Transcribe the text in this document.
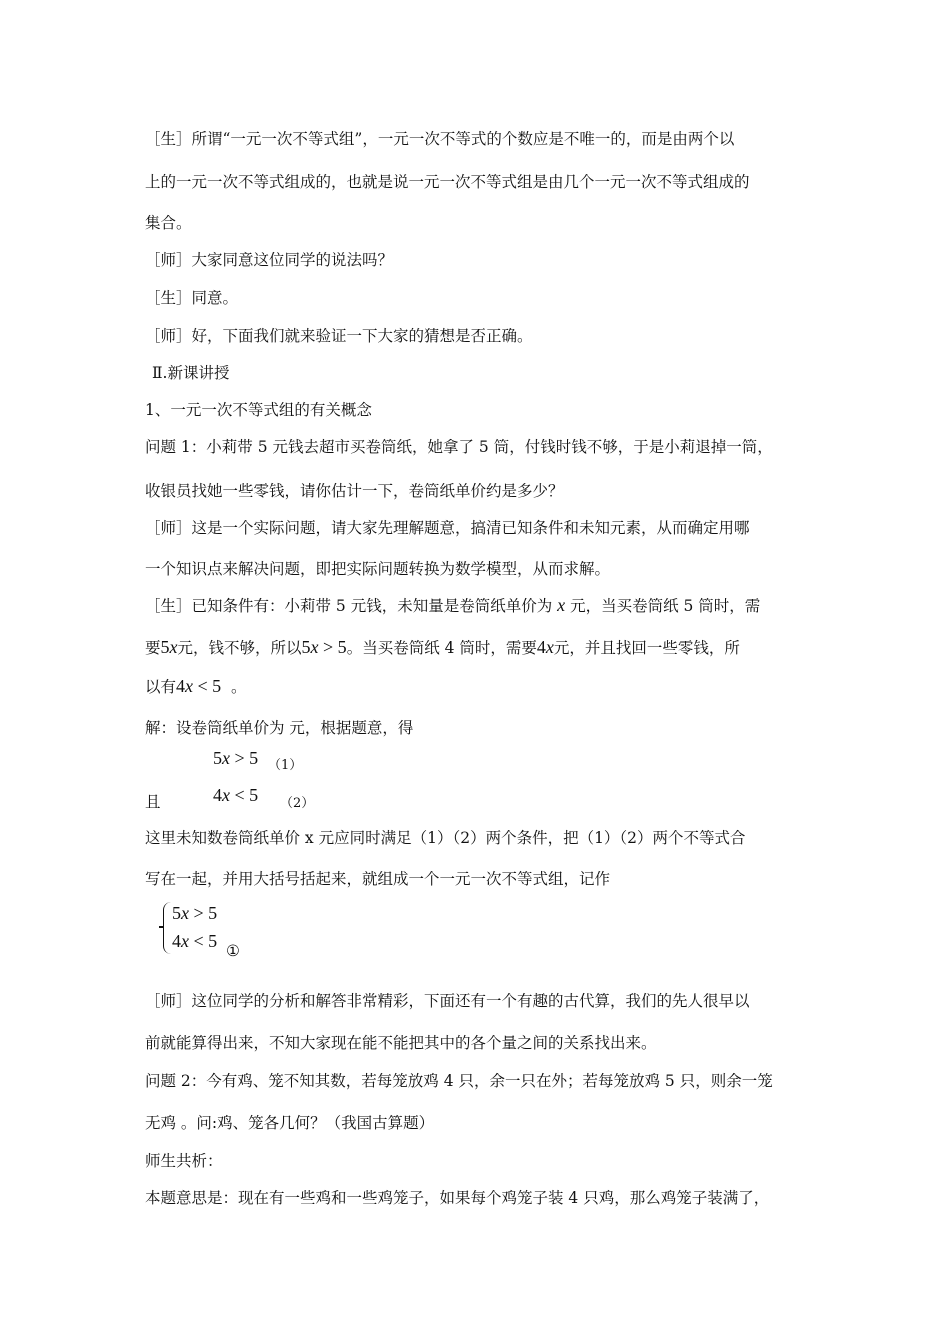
［生］所谓“一元一次不等式组”，一元一次不等式的个数应是不唯一的，而是由两个以
上的一元一次不等式组成的，也就是说一元一次不等式组是由几个一元一次不等式组成的
集合。
［师］大家同意这位同学的说法吗？
［生］同意。
［师］好，下面我们就来验证一下大家的猜想是否正确。
Ⅱ.新课讲授
1、一元一次不等式组的有关概念
问题 1：小莉带 5 元钱去超市买卷筒纸，她拿了 5 筒，付钱时钱不够，于是小莉退掉一筒，
收银员找她一些零钱，请你估计一下，卷筒纸单价约是多少？
［师］这是一个实际问题，请大家先理解题意，搞清已知条件和未知元素，从而确定用哪
一个知识点来解决问题，即把实际问题转换为数学模型，从而求解。
［生］已知条件有：小莉带 5 元钱，未知量是卷筒纸单价为 x 元，当买卷筒纸 5 筒时，需
要5x元，钱不够，所以5x > 5。当买卷筒纸 4 筒时，需要4x元，并且找回一些零钱，所
以有4x < 5 。
解：设卷筒纸单价为 元，根据题意，得
5x > 5 （1）
且	4x < 5 （2）
这里未知数卷筒纸单价 x 元应同时满足（1）（2）两个条件，把（1）（2）两个不等式合
写在一起，并用大括号括起来，就组成一个一元一次不等式组，记作
5x > 5
4x < 5 ①
［师］这位同学的分析和解答非常精彩，下面还有一个有趣的古代算，我们的先人很早以
前就能算得出来，不知大家现在能不能把其中的各个量之间的关系找出来。
问题 2：今有鸡、笼不知其数，若每笼放鸡 4 只，余一只在外；若每笼放鸡 5 只，则余一笼
无鸡 。问:鸡、笼各几何？（我国古算题）
师生共析：
本题意思是：现在有一些鸡和一些鸡笼子，如果每个鸡笼子装 4 只鸡，那么鸡笼子装满了，
